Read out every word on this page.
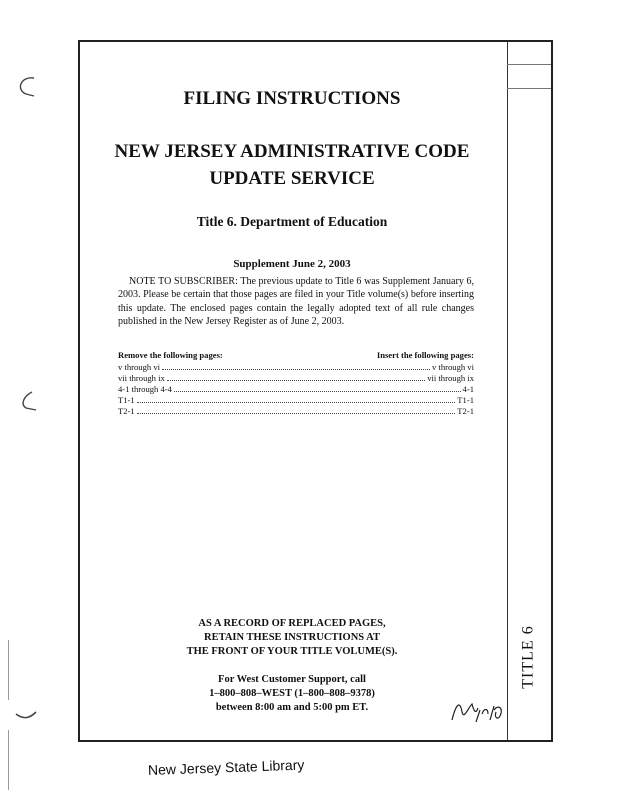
TITLE 6
FILING INSTRUCTIONS
NEW JERSEY ADMINISTRATIVE CODE
UPDATE SERVICE
Title 6. Department of Education
Supplement June 2, 2003
NOTE TO SUBSCRIBER: The previous update to Title 6 was Supplement January 6, 2003. Please be certain that those pages are filed in your Title volume(s) before inserting this update. The enclosed pages contain the legally adopted text of all rule changes published in the New Jersey Register as of June 2, 2003.
Remove the following pages:	Insert the following pages:
v through vi	v through vi
vii through ix	vii through ix
4-1 through 4-4	4-1
T1-1	T1-1
T2-1	T2-1
AS A RECORD OF REPLACED PAGES,
RETAIN THESE INSTRUCTIONS AT
THE FRONT OF YOUR TITLE VOLUME(S).
For West Customer Support, call
1–800–808–WEST (1–800–808–9378)
between 8:00 am and 5:00 pm ET.
New Jersey State Library
